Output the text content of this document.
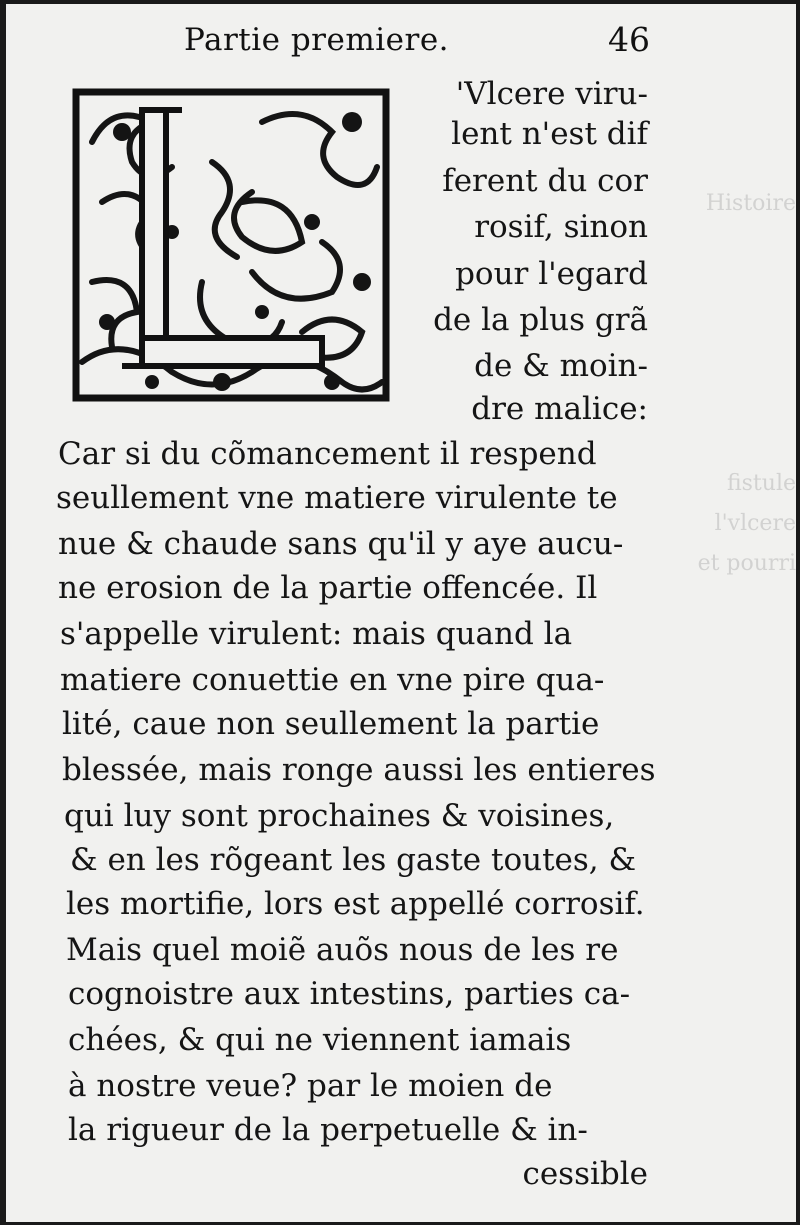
Histoire
fistule
l'vlcere
et pourri
Partie premiere.	46
'Vlcere viru-
lent n'est dif
ferent du cor
rosif, sinon
pour l'egard
de la plus grã
de & moin-
dre malice:
Car si du cõmancement il respend
seullement vne matiere virulente te
nue & chaude sans qu'il y aye aucu-
ne erosion de la partie offencée. Il
s'appelle virulent: mais quand la
matiere conuettie en vne pire qua-
lité, caue non seullement la partie
blessée, mais ronge aussi les entieres
qui luy sont prochaines & voisines,
& en les rõgeant les gaste toutes, &
les mortifie, lors est appellé corrosif.
Mais quel moiẽ auõs nous de les re
cognoistre aux intestins, parties ca-
chées, & qui ne viennent iamais
à nostre veue? par le moien de
la rigueur de la perpetuelle & in-
cessible
